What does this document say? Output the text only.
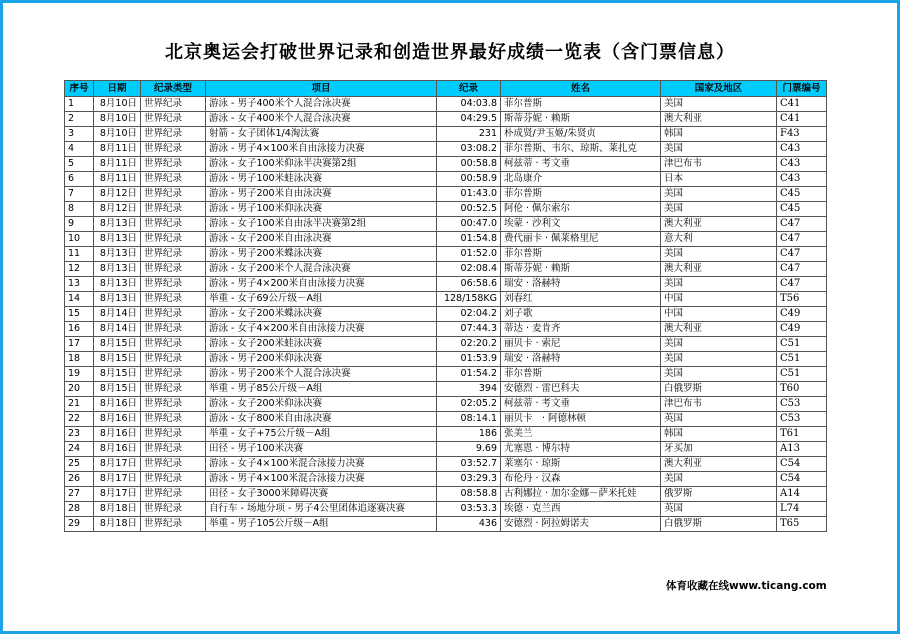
北京奥运会打破世界记录和创造世界最好成绩一览表（含门票信息）
序号	日期	纪录类型	项目	纪录	姓名	国家及地区	门票编号
1	8月10日	世界纪录	游泳 - 男子400米个人混合泳决赛	04:03.8	菲尔普斯	美国	C41
2	8月10日	世界纪录	游泳 - 女子400米个人混合泳决赛	04:29.5	斯蒂芬妮 · 赖斯	澳大利亚	C41
3	8月10日	世界纪录	射箭 - 女子团体1/4淘汰赛	231	朴成贤/尹玉姬/朱贤贞	韩国	F43
4	8月11日	世界纪录	游泳 - 男子4×100米自由泳接力决赛	03:08.2	菲尔普斯、韦尔、琼斯、莱扎克	美国	C43
5	8月11日	世界纪录	游泳 - 女子100米仰泳半决赛第2组	00:58.8	柯兹蒂 · 考文垂	津巴布韦	C43
6	8月11日	世界纪录	游泳 - 男子100米蛙泳决赛	00:58.9	北岛康介	日本	C43
7	8月12日	世界纪录	游泳 - 男子200米自由泳决赛	01:43.0	菲尔普斯	美国	C45
8	8月12日	世界纪录	游泳 - 男子100米仰泳决赛	00:52.5	阿伦 · 佩尔索尔	美国	C45
9	8月13日	世界纪录	游泳 - 女子100米自由泳半决赛第2组	00:47.0	埃蒙 · 沙利文	澳大利亚	C47
10	8月13日	世界纪录	游泳 - 女子200米自由泳决赛	01:54.8	费代丽卡 · 佩莱格里尼	意大利	C47
11	8月13日	世界纪录	游泳 - 男子200米蝶泳决赛	01:52.0	菲尔普斯	美国	C47
12	8月13日	世界纪录	游泳 - 女子200米个人混合泳决赛	02:08.4	斯蒂芬妮 · 赖斯	澳大利亚	C47
13	8月13日	世界纪录	游泳 - 男子4×200米自由泳接力决赛	06:58.6	瑞安 · 洛赫特	美国	C47
14	8月13日	世界纪录	举重 - 女子69公斤级－A组	128/158KG	刘春红	中国	T56
15	8月14日	世界纪录	游泳 - 女子200米蝶泳决赛	02:04.2	刘子歌	中国	C49
16	8月14日	世界纪录	游泳 - 女子4×200米自由泳接力决赛	07:44.3	蒂达 · 麦肯齐	澳大利亚	C49
17	8月15日	世界纪录	游泳 - 女子200米蛙泳决赛	02:20.2	丽贝卡 · 索尼	美国	C51
18	8月15日	世界纪录	游泳 - 男子200米仰泳决赛	01:53.9	瑞安 · 洛赫特	美国	C51
19	8月15日	世界纪录	游泳 - 男子200米个人混合泳决赛	01:54.2	菲尔普斯	美国	C51
20	8月15日	世界纪录	举重 - 男子85公斤级－A组	394	安德烈 · 雷巴科夫	白俄罗斯	T60
21	8月16日	世界纪录	游泳 - 女子200米仰泳决赛	02:05.2	柯兹蒂 · 考文垂	津巴布韦	C53
22	8月16日	世界纪录	游泳 - 女子800米自由泳决赛	08:14.1	丽贝卡　· 阿德林顿	英国	C53
23	8月16日	世界纪录	举重 - 女子+75公斤级－A组	186	张美兰	韩国	T61
24	8月16日	世界纪录	田径 - 男子100米决赛	9.69	尤塞恩 · 博尔特	牙买加	A13
25	8月17日	世界纪录	游泳 - 女子4×100米混合泳接力决赛	03:52.7	莱塞尔 · 琼斯	澳大利亚	C54
26	8月17日	世界纪录	游泳 - 男子4×100米混合泳接力决赛	03:29.3	布伦丹 · 汉森	美国	C54
27	8月17日	世界纪录	田径 - 女子3000米障碍决赛	08:58.8	古利娜拉 · 加尔金娜－萨米托娃	俄罗斯	A14
28	8月18日	世界纪录	自行车 - 场地分项 - 男子4公里团体追逐赛决赛	03:53.3	埃德 · 克兰西	英国	L74
29	8月18日	世界纪录	举重 - 男子105公斤级－A组	436	安德烈 · 阿拉姆诺夫	白俄罗斯	T65
体育收藏在线www.ticang.com
